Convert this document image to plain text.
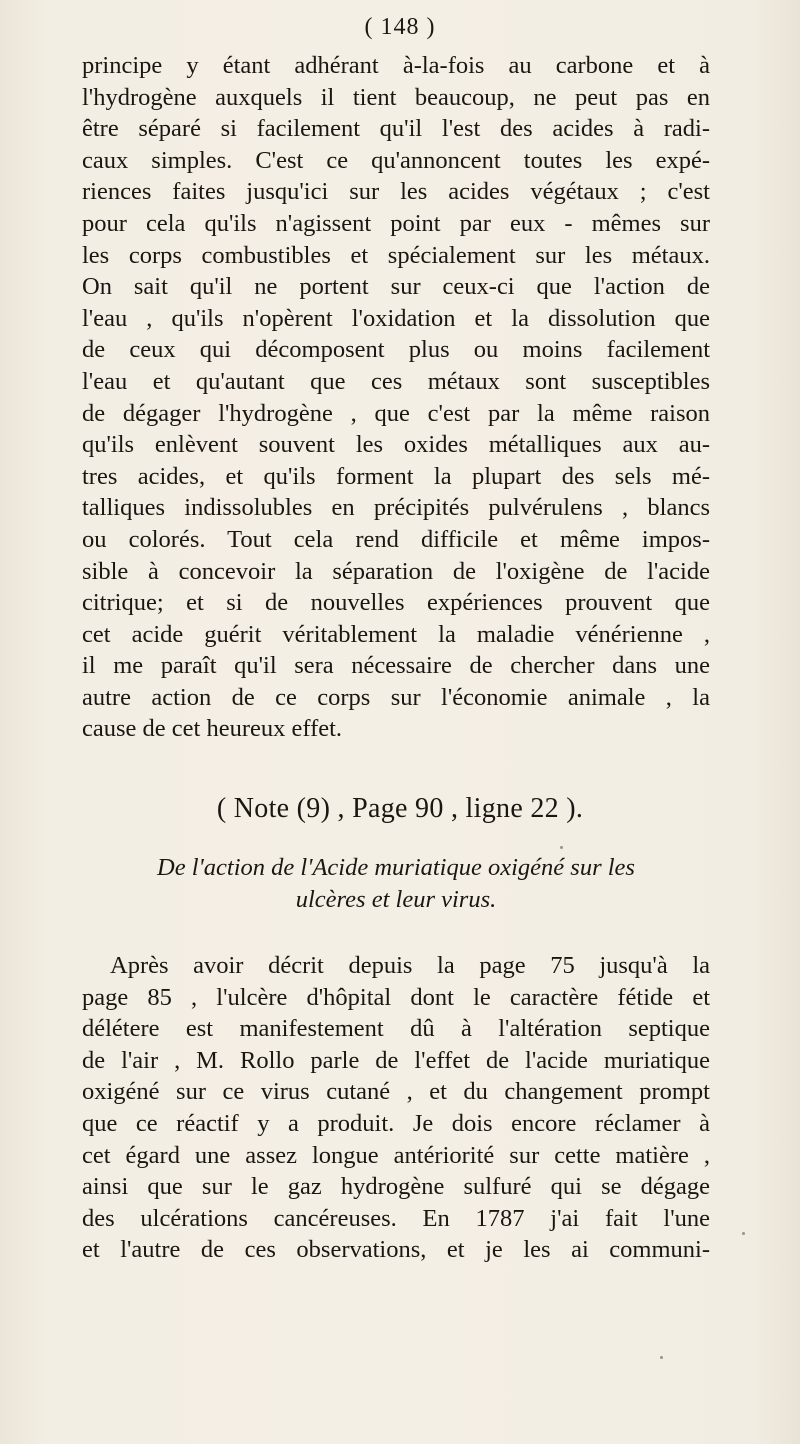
( 148 )
principe y étant adhérant à-la-fois au carbone et à
l'hydrogène auxquels il tient beaucoup, ne peut pas en
être séparé si facilement qu'il l'est des acides à radi-
caux simples. C'est ce qu'annoncent toutes les expé-
riences faites jusqu'ici sur les acides végétaux ; c'est
pour cela qu'ils n'agissent point par eux - mêmes sur
les corps combustibles et spécialement sur les métaux.
On sait qu'il ne portent sur ceux-ci que l'action de
l'eau , qu'ils n'opèrent l'oxidation et la dissolution que
de ceux qui décomposent plus ou moins facilement
l'eau et qu'autant que ces métaux sont susceptibles
de dégager l'hydrogène , que c'est par la même raison
qu'ils enlèvent souvent les oxides métalliques aux au-
tres acides, et qu'ils forment la plupart des sels mé-
talliques indissolubles en précipités pulvérulens , blancs
ou colorés. Tout cela rend difficile et même impos-
sible à concevoir la séparation de l'oxigène de l'acide
citrique; et si de nouvelles expériences prouvent que
cet acide guérit véritablement la maladie vénérienne ,
il me paraît qu'il sera nécessaire de chercher dans une
autre action de ce corps sur l'économie animale , la
cause de cet heureux effet.
( Note (9) , Page 90 , ligne 22 ).
De l'action de l'Acide muriatique oxigéné sur les
ulcères et leur virus.
Après avoir décrit depuis la page 75 jusqu'à la
page 85 , l'ulcère d'hôpital dont le caractère fétide et
délétere est manifestement dû à l'altération septique
de l'air , M. Rollo parle de l'effet de l'acide muriatique
oxigéné sur ce virus cutané , et du changement prompt
que ce réactif y a produit. Je dois encore réclamer à
cet égard une assez longue antériorité sur cette matière ,
ainsi que sur le gaz hydrogène sulfuré qui se dégage
des ulcérations cancéreuses. En 1787 j'ai fait l'une
et l'autre de ces observations, et je les ai communi-
